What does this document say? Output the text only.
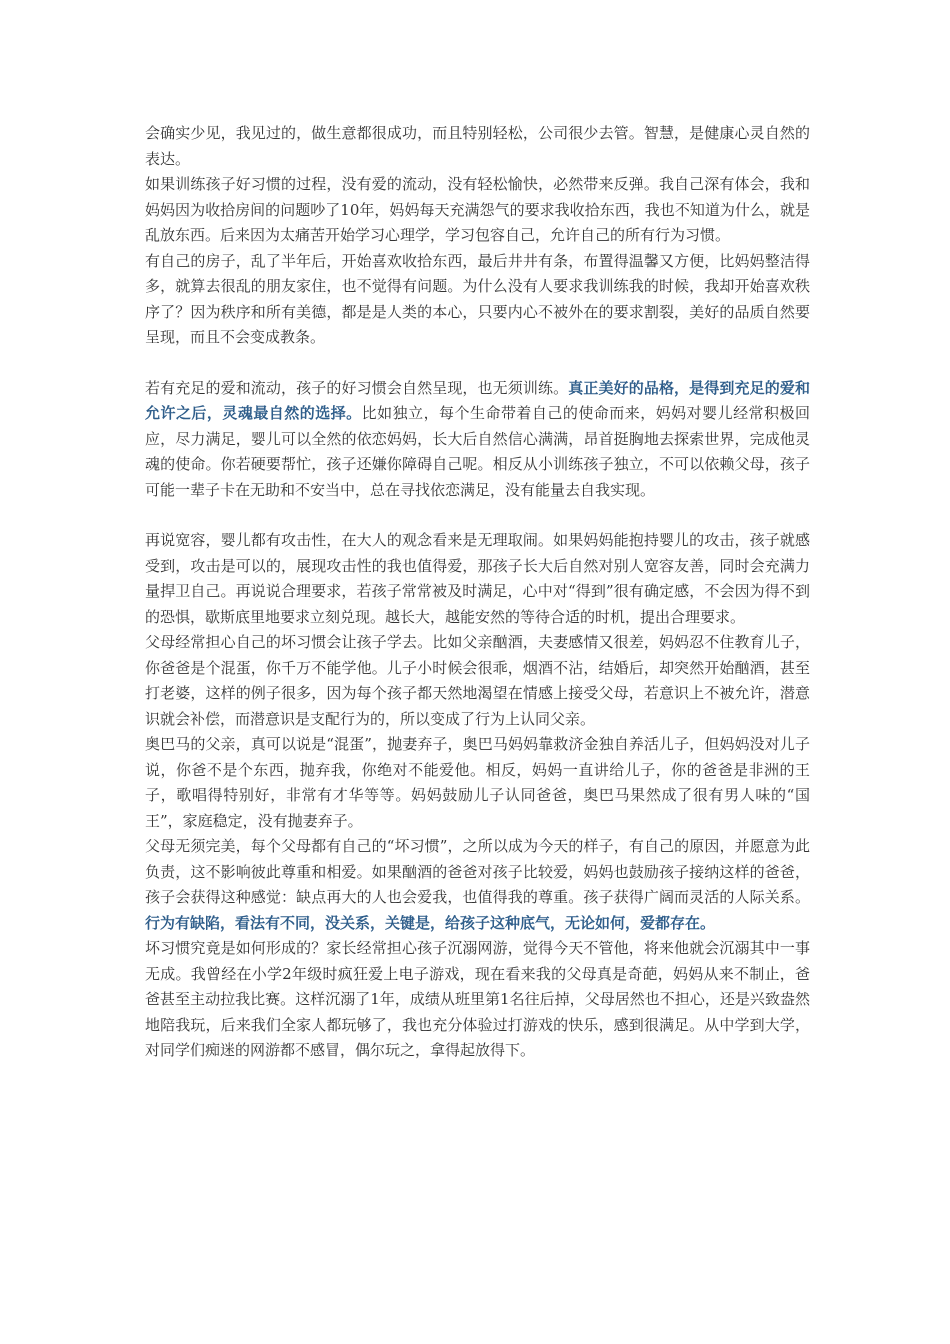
会确实少见，我见过的，做生意都很成功，而且特别轻松，公司很少去管。智慧，是健康心灵自然的表达。

如果训练孩子好习惯的过程，没有爱的流动，没有轻松愉快，必然带来反弹。我自己深有体会，我和妈妈因为收拾房间的问题吵了10年，妈妈每天充满怨气的要求我收拾东西，我也不知道为什么，就是乱放东西。后来因为太痛苦开始学习心理学，学习包容自己，允许自己的所有行为习惯。

有自己的房子，乱了半年后，开始喜欢收拾东西，最后井井有条，布置得温馨又方便，比妈妈整洁得多，就算去很乱的朋友家住，也不觉得有问题。为什么没有人要求我训练我的时候，我却开始喜欢秩序了？因为秩序和所有美德，都是是人类的本心，只要内心不被外在的要求割裂，美好的品质自然要呈现，而且不会变成教条。

若有充足的爱和流动，孩子的好习惯会自然呈现，也无须训练。真正美好的品格，是得到充足的爱和允许之后，灵魂最自然的选择。比如独立，每个生命带着自己的使命而来，妈妈对婴儿经常积极回应，尽力满足，婴儿可以全然的依恋妈妈，长大后自然信心满满，昂首挺胸地去探索世界，完成他灵魂的使命。你若硬要帮忙，孩子还嫌你障碍自己呢。相反从小训练孩子独立，不可以依赖父母，孩子可能一辈子卡在无助和不安当中，总在寻找依恋满足，没有能量去自我实现。

再说宽容，婴儿都有攻击性，在大人的观念看来是无理取闹。如果妈妈能抱持婴儿的攻击，孩子就感受到，攻击是可以的，展现攻击性的我也值得爱，那孩子长大后自然对别人宽容友善，同时会充满力量捍卫自己。再说说合理要求，若孩子常常被及时满足，心中对“得到”很有确定感，不会因为得不到的恐惧，歇斯底里地要求立刻兑现。越长大，越能安然的等待合适的时机，提出合理要求。

父母经常担心自己的坏习惯会让孩子学去。比如父亲酗酒，夫妻感情又很差，妈妈忍不住教育儿子，你爸爸是个混蛋，你千万不能学他。儿子小时候会很乖，烟酒不沾，结婚后，却突然开始酗酒，甚至打老婆，这样的例子很多，因为每个孩子都天然地渴望在情感上接受父母，若意识上不被允许，潜意识就会补偿，而潜意识是支配行为的，所以变成了行为上认同父亲。

奥巴马的父亲，真可以说是“混蛋”，抛妻弃子，奥巴马妈妈靠救济金独自养活儿子，但妈妈没对儿子说，你爸不是个东西，抛弃我，你绝对不能爱他。相反，妈妈一直讲给儿子，你的爸爸是非洲的王子，歌唱得特别好，非常有才华等等。妈妈鼓励儿子认同爸爸，奥巴马果然成了很有男人味的“国王”，家庭稳定，没有抛妻弃子。

父母无须完美，每个父母都有自己的“坏习惯”，之所以成为今天的样子，有自己的原因，并愿意为此负责，这不影响彼此尊重和相爱。如果酗酒的爸爸对孩子比较爱，妈妈也鼓励孩子接纳这样的爸爸，孩子会获得这种感觉：缺点再大的人也会爱我，也值得我的尊重。孩子获得广阔而灵活的人际关系。行为有缺陷，看法有不同，没关系，关键是，给孩子这种底气，无论如何，爱都存在。

坏习惯究竟是如何形成的？家长经常担心孩子沉溺网游，觉得今天不管他，将来他就会沉溺其中一事无成。我曾经在小学2年级时疯狂爱上电子游戏，现在看来我的父母真是奇葩，妈妈从来不制止，爸爸甚至主动拉我比赛。这样沉溺了1年，成绩从班里第1名往后掉，父母居然也不担心，还是兴致盎然地陪我玩，后来我们全家人都玩够了，我也充分体验过打游戏的快乐，感到很满足。从中学到大学，对同学们痴迷的网游都不感冒，偶尔玩之，拿得起放得下。
